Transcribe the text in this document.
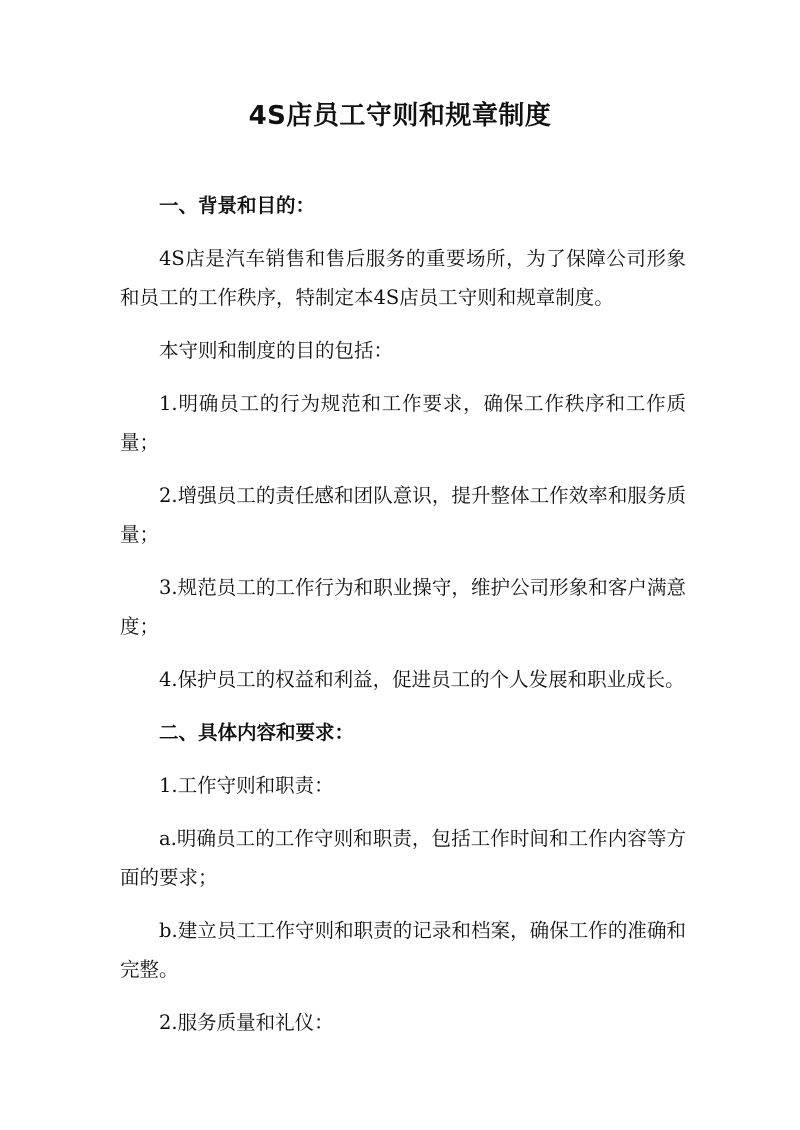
4S店员工守则和规章制度
一、背景和目的：

4S店是汽车销售和售后服务的重要场所，为了保障公司形象和员工的工作秩序，特制定本4S店员工守则和规章制度。

本守则和制度的目的包括：

1.明确员工的行为规范和工作要求，确保工作秩序和工作质量；

2.增强员工的责任感和团队意识，提升整体工作效率和服务质量；

3.规范员工的工作行为和职业操守，维护公司形象和客户满意度；

4.保护员工的权益和利益，促进员工的个人发展和职业成长。

二、具体内容和要求：

1.工作守则和职责：

a.明确员工的工作守则和职责，包括工作时间和工作内容等方面的要求；

b.建立员工工作守则和职责的记录和档案，确保工作的准确和完整。

2.服务质量和礼仪：
